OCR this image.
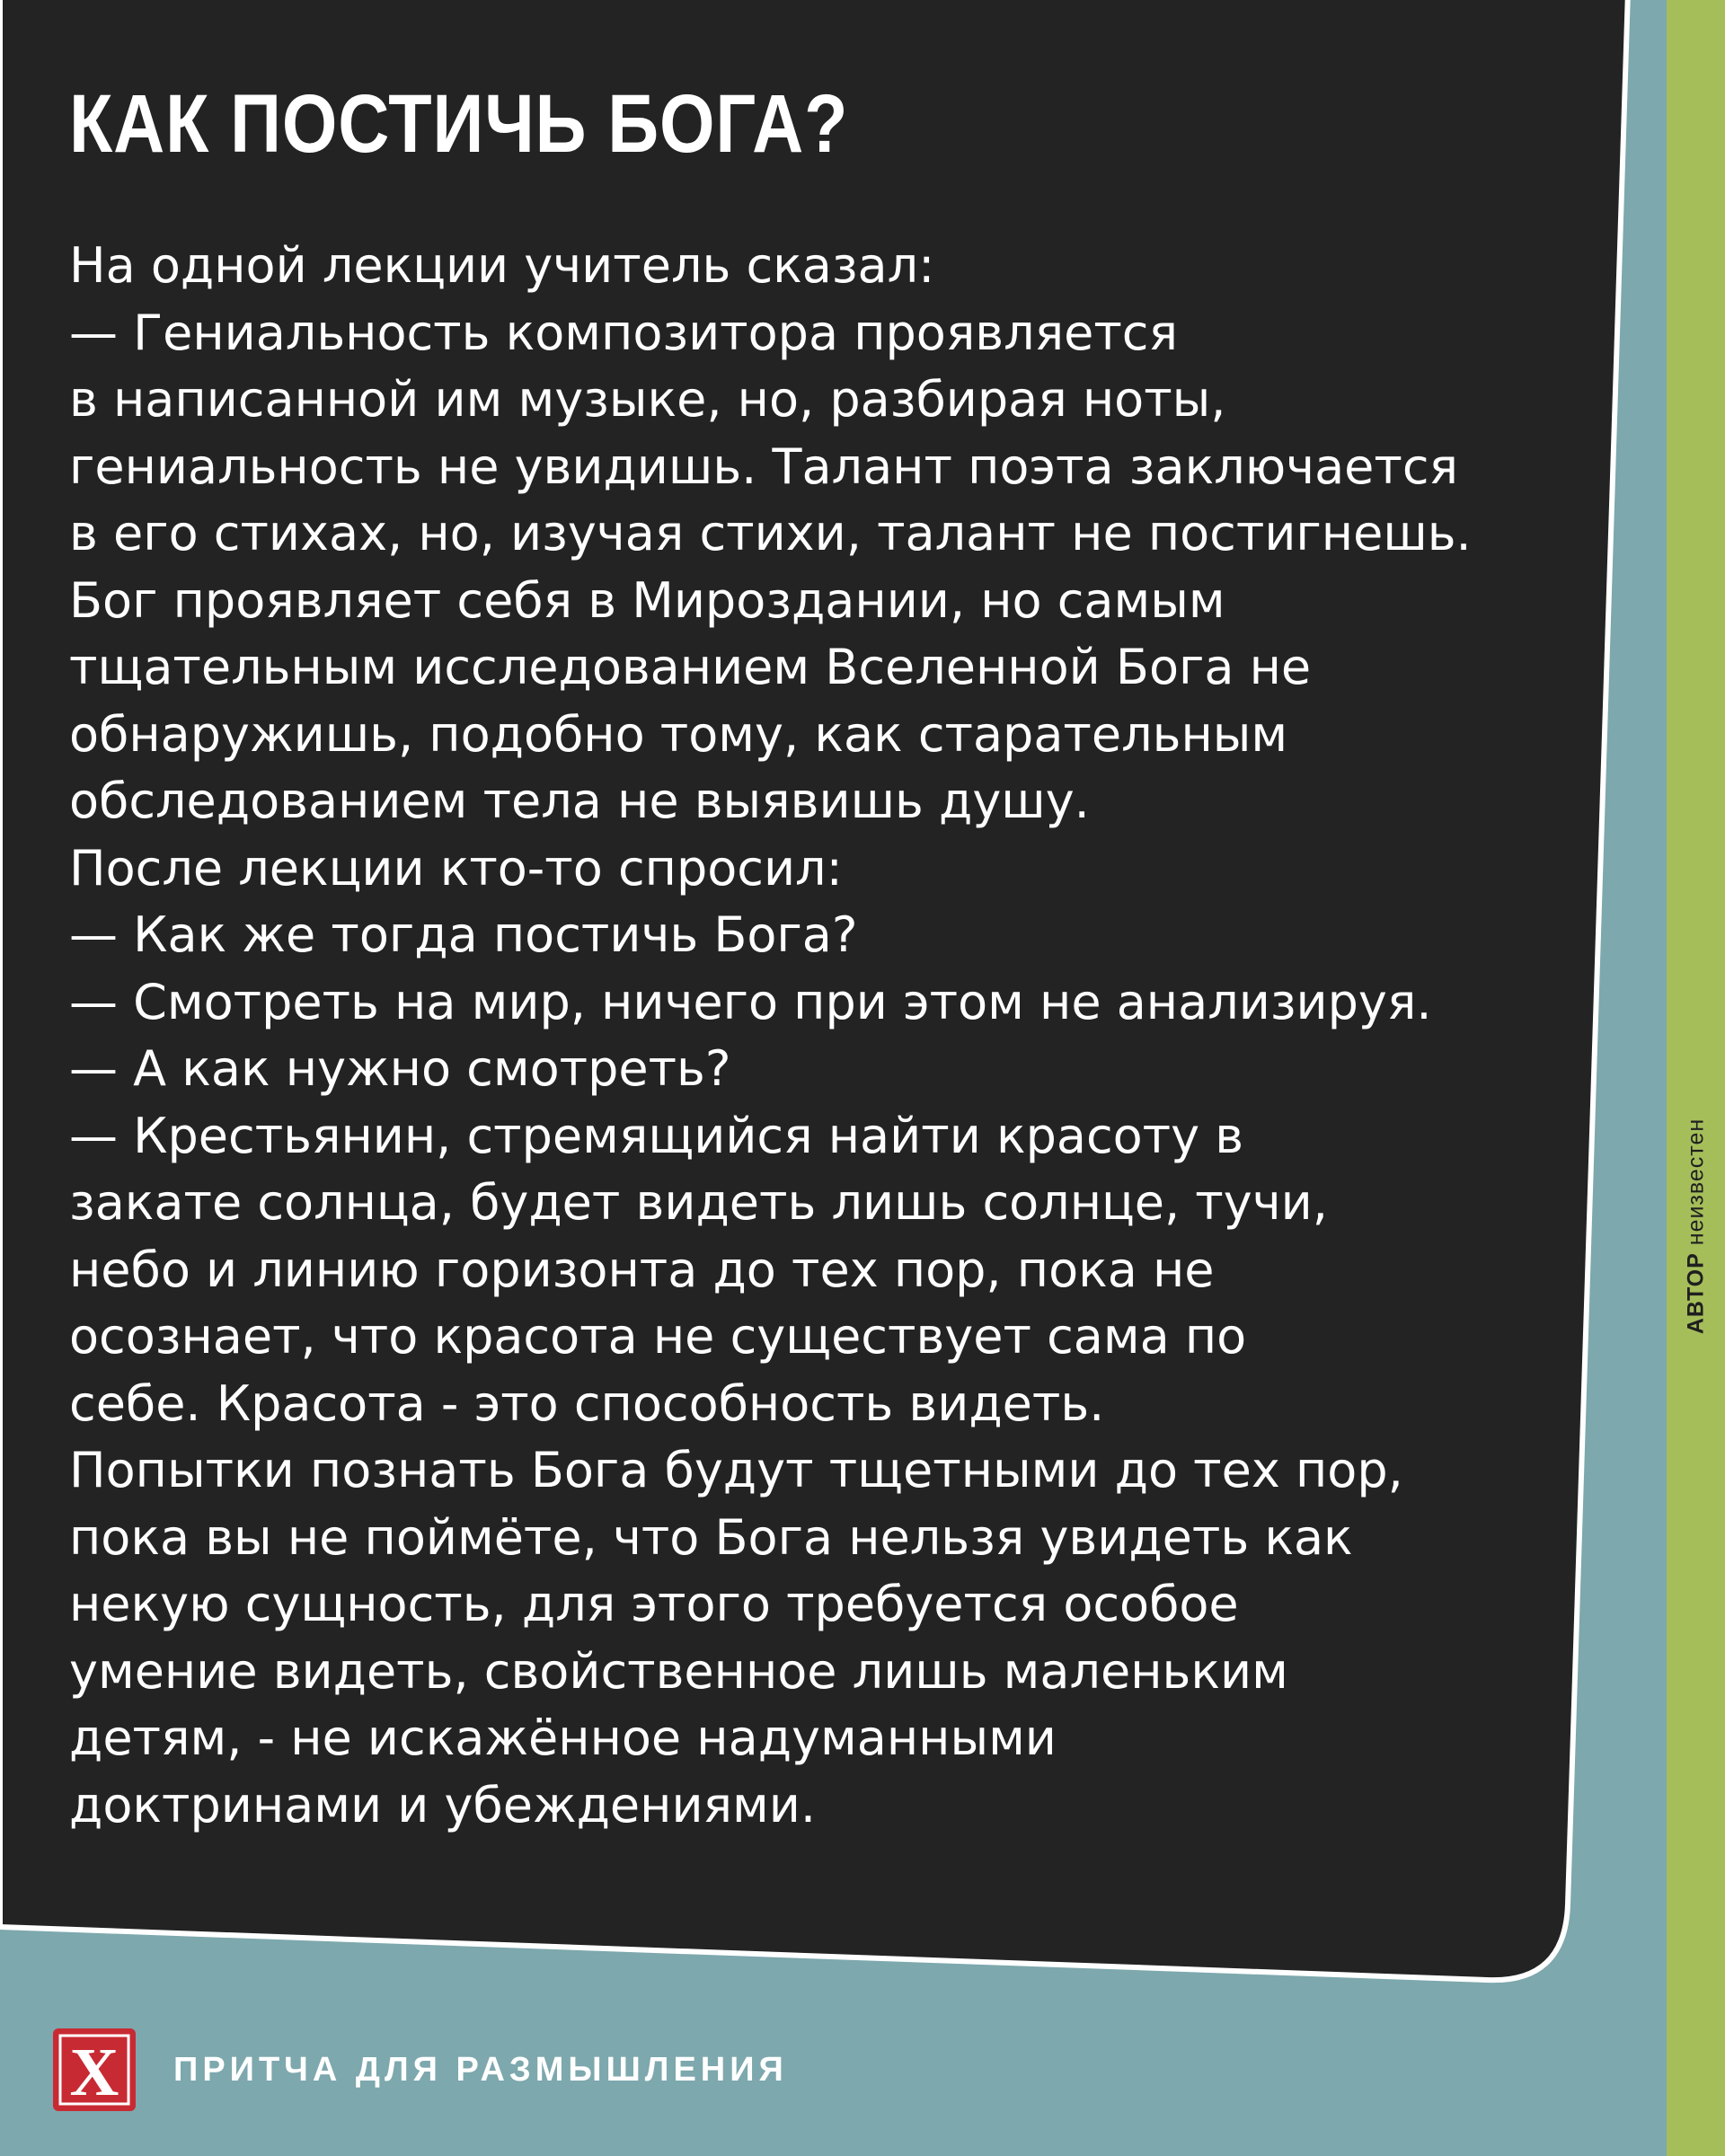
КАК ПОСТИЧЬ БОГА?
На одной лекции учитель сказал:
— Гениальность композитора проявляется
в написанной им музыке, но, разбирая ноты,
гениальность не увидишь. Талант поэта заключается
в его стихах, но, изучая стихи, талант не постигнешь.
Бог проявляет себя в Мироздании, но самым
тщательным исследованием Вселенной Бога не
обнаружишь, подобно тому, как старательным
обследованием тела не выявишь душу.
После лекции кто-то спросил:
— Как же тогда постичь Бога?
— Смотреть на мир, ничего при этом не анализируя.
— А как нужно смотреть?
— Крестьянин, стремящийся найти красоту в
закате солнца, будет видеть лишь солнце, тучи,
небо и линию горизонта до тех пор, пока не
осознает, что красота не существует сама по
себе. Красота - это способность видеть.
Попытки познать Бога будут тщетными до тех пор,
пока вы не поймёте, что Бога нельзя увидеть как
некую сущность, для этого требуется особое
умение видеть, свойственное лишь маленьким
детям, - не искажённое надуманными
доктринами и убеждениями.
АВТОРнеизвестен
X ПРИТЧА ДЛЯ РАЗМЫШЛЕНИЯ
